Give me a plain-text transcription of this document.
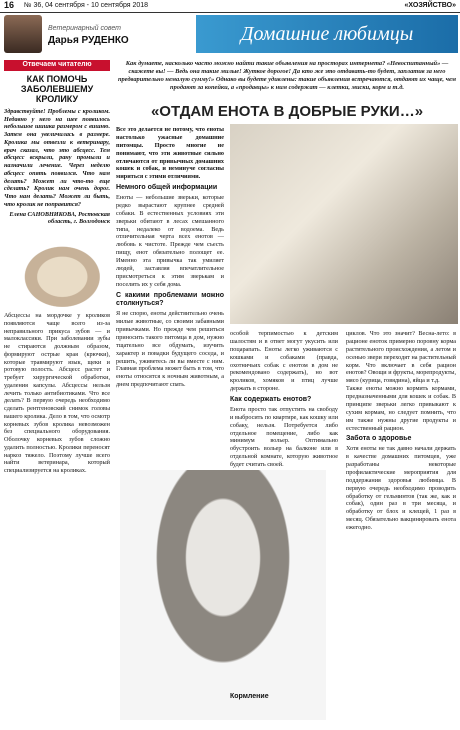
16 № 36, 04 сентября - 10 сентября 2018	«ХОЗЯЙСТВО»
Ветеринарный совет
Дарья РУДЕНКО	Домашние любимцы
Отвечаем читателю
КАК ПОМОЧЬ ЗАБОЛЕВШЕМУ КРОЛИКУ
Здравствуйте! Проблемы с кроликом. Недавно у него на шее появилось небольшое шишка размером с вишню. Затем она увеличилась в размере. Кролика мы отвезли к ветеринару, врач сказал, что это абсцесс. Тем абсцесс вскрыли, рану промыли и назначили лечение. Через неделю абсцесс опять появился. Что нам делать? Может ли что-то еще сделать? Кролик нам очень дорог. Что нам делать? Может ли быть, что кролик не поправится?
Елена САНОВНИКОВА, Ростовская область, г. Волгодонск
Абсцессы на мордочке у кроликов появляются чаще всего из-за неправильного прикуса зубов — и малоклассики. При заболевании зубы не стираются должным образом, формируют острые края (крючки), которые травмируют язык, щеки и ротовую полость. Абсцесс растет и требует хирургической обработки, удаления капсулы. Абсцессы нельзя лечить только антибиотиками. Что все делать? В первую очередь необходимо сделать рентгеновский снимок головы вашего кролика. Дело в том, что осмотр корневых зубов кролика невозможен без специального оборудования. Оболочку корневых зубов сложно удалить полностью. Кролики переносят наркоз тяжело. Поэтому лучше всего найти ветеринара, который специализируется на кроликах.
Как думаете, насколько часто можно найти такие объявления на просторах интернета? «Невоспитанный» — скажете вы! — Ведь она такие милые! Жуткое дорогое! Да кто же это отдавать-то будет, заплатив за него предварительно немалую сумму!» Однако вы будете удивлены: такие объявления встречаются, отдают их чаще, чем продают за копейки, а «продавцы» к ним содержат — клетки, миски, корм и т.д.
«ОТДАМ ЕНОТА В ДОБРЫЕ РУКИ…»
Все это делается не потому, что еноты настолько ужасные домашние питомцы. Просто многие не понимают, что эти животные сильно отличаются от привычных домашних кошек и собак, и неминуче согласны мириться с этими отличиями.
Немного общей информации
Еноты — небольшие зверьки, которые редко вырастают крупнее средней собаки. В естественных условиях эти зверьки обитают в лесах смешанного типа, недалеко от водоема. Ведь отличительная черта всех енотов — любовь к чистоте. Прежде чем съесть пищу, енот обязательно полощет ее. Именно эта привычка так умиляет людей, заставляя впечатлительное присмотреться к этим зверькам и поселить их у себя дома.
С какими проблемами можно столкнуться?
Я не спорю, еноты действительно очень милые животные, со своими забавными привычками. Но прежде чем решиться приносить такого питомца в дом, нужно тщательно все обдумать, изучить характер и повадки будущего соседа, и решить, уживетесь ли вы вместе с ним. Главная проблема может быть в том, что еноты относятся к ночным животным, а днем предпочитают спать.
особой терпимостью к детским шалостям и в ответ могут укусить или поцарапать. Еноты легко уживаются с кошками и собаками (правда, охотничьих собак с енотом в дом не рекомендовано содержать), но вот кроликов, хомяков и птиц лучше держать в стороне.
Как содержать енотов?
Енота просто так отпустить на свободу и выбросить по квартире, как кошку или собаку, нельзя. Потребуется либо отдельное помещение, либо как минимум вольер. Оптимально обустроить вольер на балконе или в отдельной комнате, которую животное будет считать своей.
Кормление
циклов. Что это значит? Весна-лето: в рационе еноток примерно поровну корма растительного происхождения, а летом и осенью звери переходят на растительный корм. Что включает в себя рацион енотов? Овощи и фрукты, морепродукты, мясо (курица, говядина), яйца и т.д.
Также еноты можно кормить кормами, предназначенными для кошек и собак. В принципе зверьки легко привыкают к сухим кормам, но следует помнить, что им также нужны другие продукты и естественный рацион.
Забота о здоровье
Хотя еноты не так давно начали держать в качестве домашних питомцев, уже разработаны некоторые профилактические мероприятия для поддержания здоровья любимца. В первую очередь необходимо проводить обработку от гельминтов (так же, как и собак), один раз в три месяца, и обработку от блох и клещей, 1 раз в месяц. Обязательно вакцинировать енота ежегодно.
